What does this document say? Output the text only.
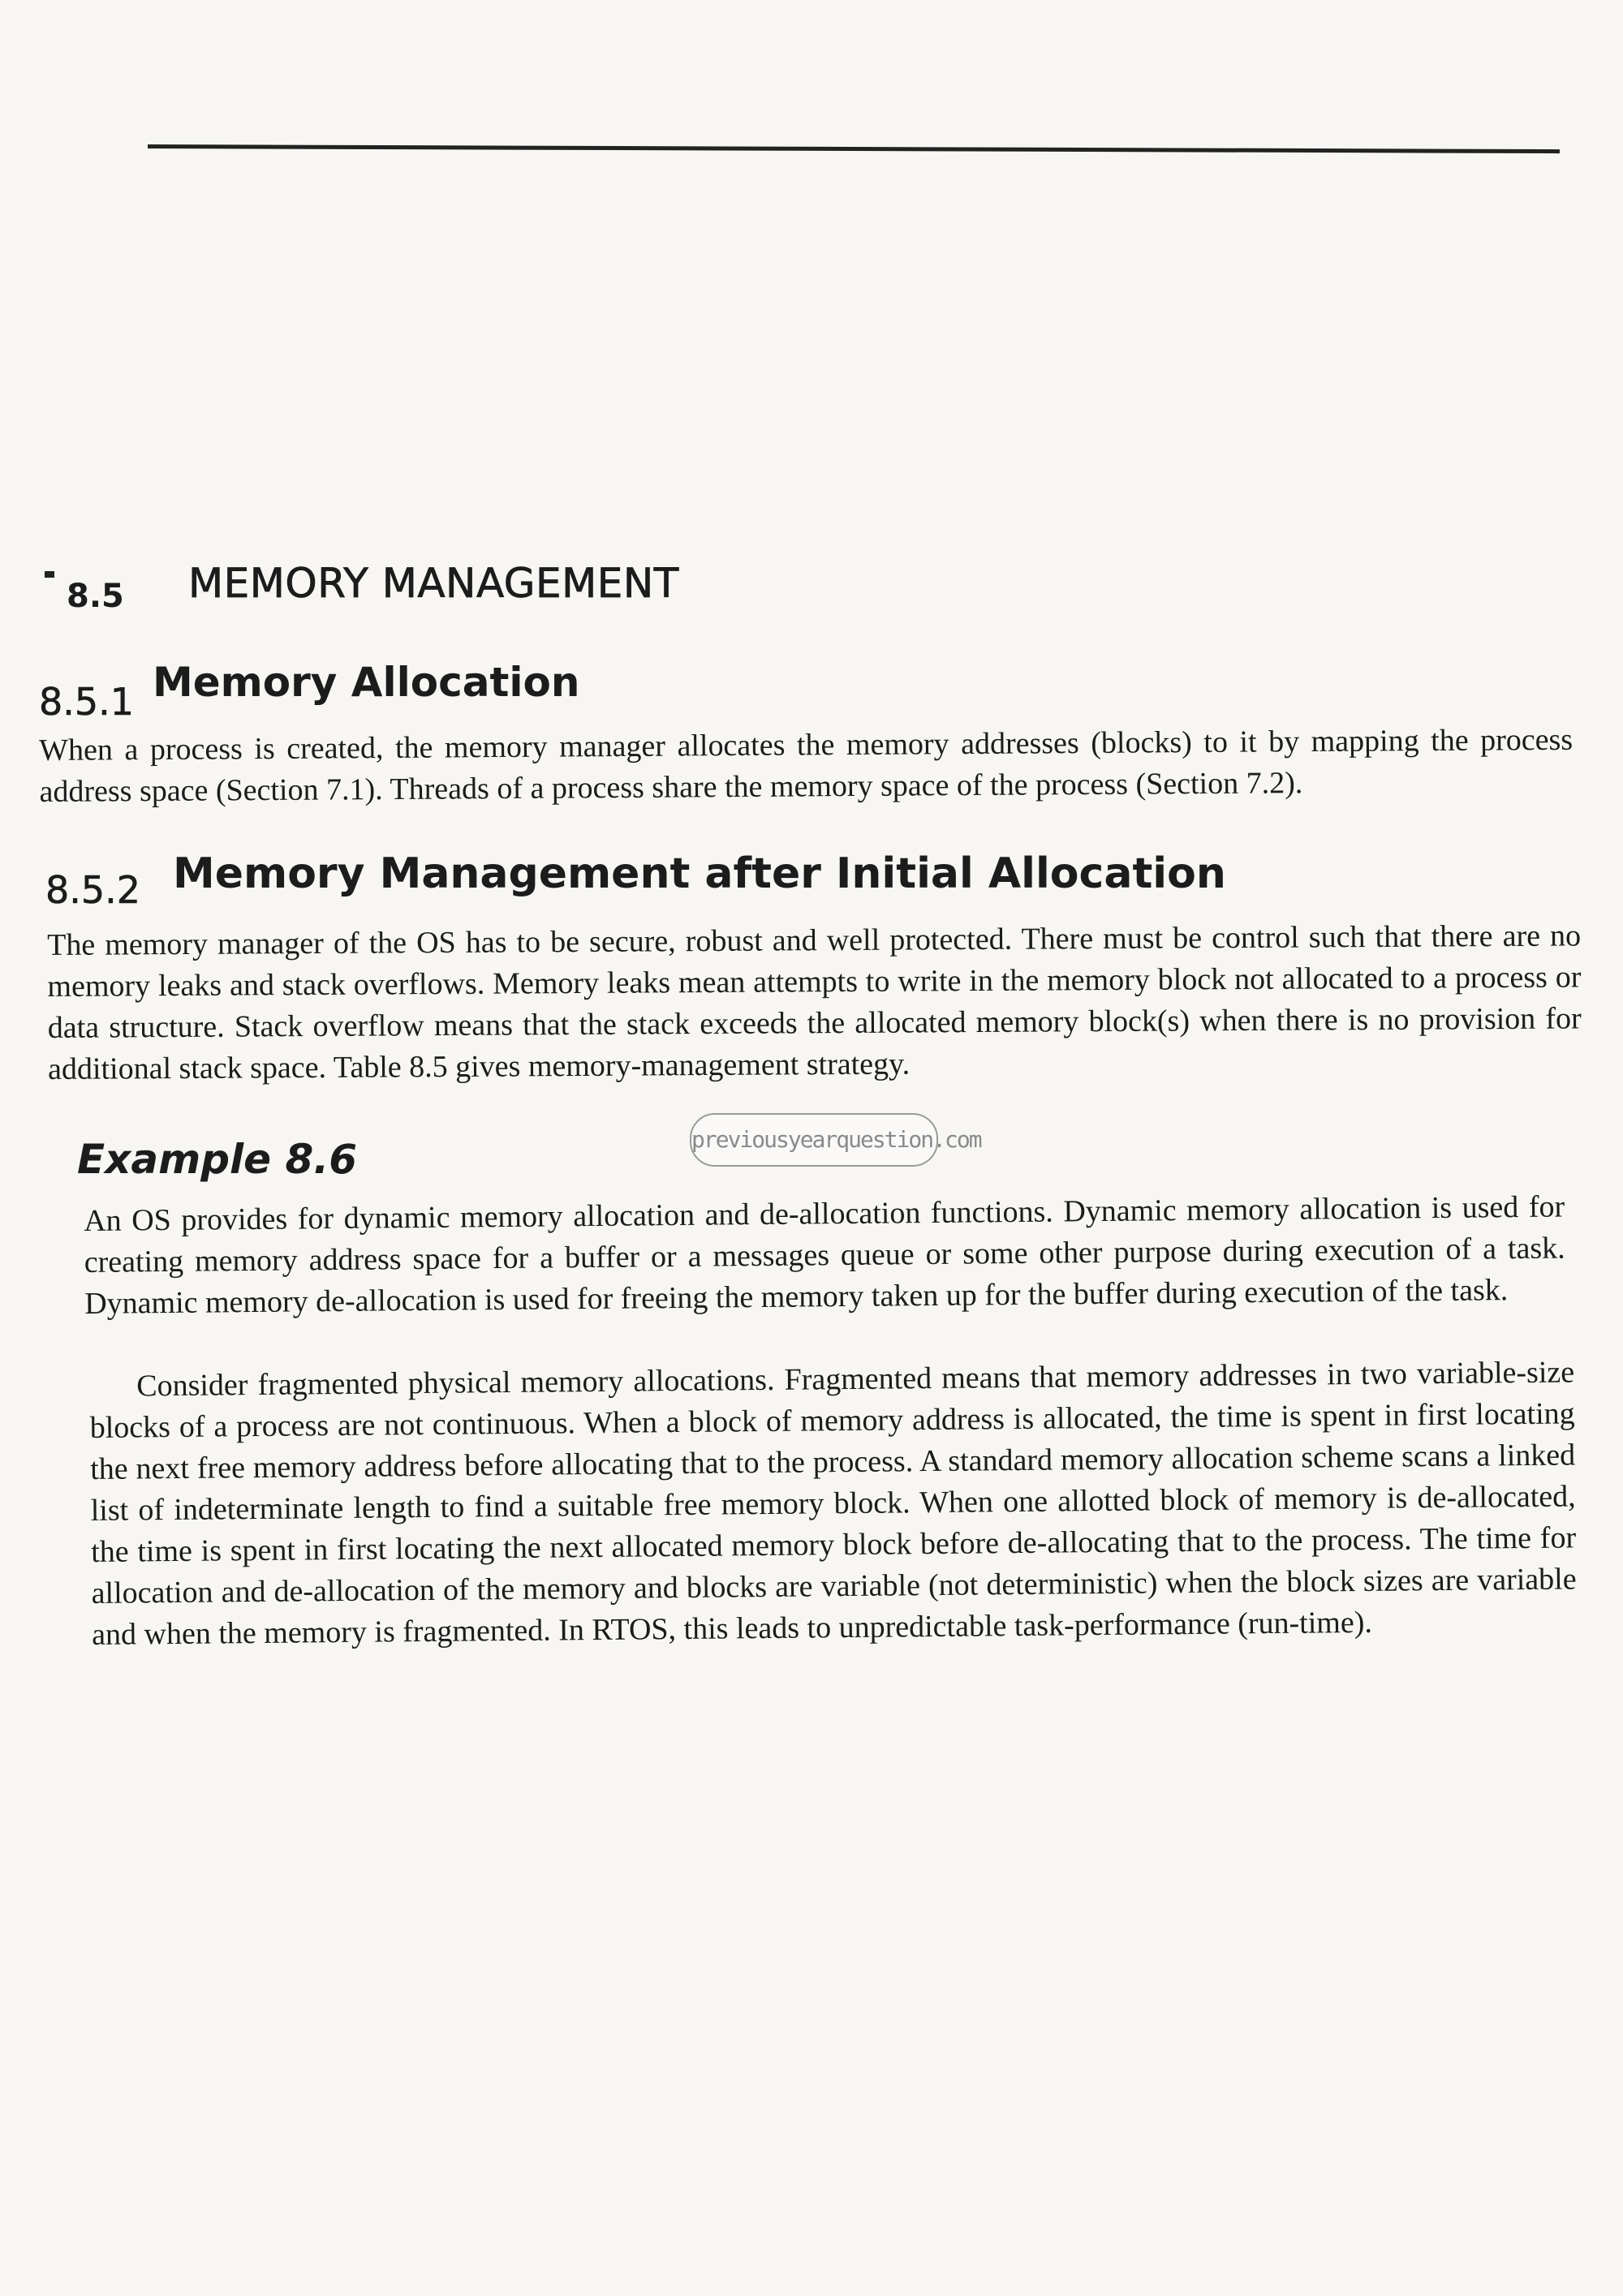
8.5 MEMORY MANAGEMENT
8.5.1 Memory Allocation

When a process is created, the memory manager allocates the memory addresses (blocks) to it by mapping the process address space (Section 7.1). Threads of a process share the memory space of the process (Section 7.2).

8.5.2 Memory Management after Initial Allocation

The memory manager of the OS has to be secure, robust and well protected. There must be control such that there are no memory leaks and stack overflows. Memory leaks mean attempts to write in the memory block not allocated to a process or data structure. Stack overflow means that the stack exceeds the allocated memory block(s) when there is no provision for additional stack space. Table 8.5 gives memory-management strategy.

Example 8.6	previousyearquestion.com

An OS provides for dynamic memory allocation and de-allocation functions. Dynamic memory allocation is used for creating memory address space for a buffer or a messages queue or some other purpose during execution of a task. Dynamic memory de-allocation is used for freeing the memory taken up for the buffer during execution of the task.

Consider fragmented physical memory allocations. Fragmented means that memory addresses in two variable-size blocks of a process are not continuous. When a block of memory address is allocated, the time is spent in first locating the next free memory address before allocating that to the process. A standard memory allocation scheme scans a linked list of indeterminate length to find a suitable free memory block. When one allotted block of memory is de-allocated, the time is spent in first locating the next allocated memory block before de-allocating that to the process. The time for allocation and de-allocation of the memory and blocks are variable (not deterministic) when the block sizes are variable and when the memory is fragmented. In RTOS, this leads to unpredictable task-performance (run-time).
